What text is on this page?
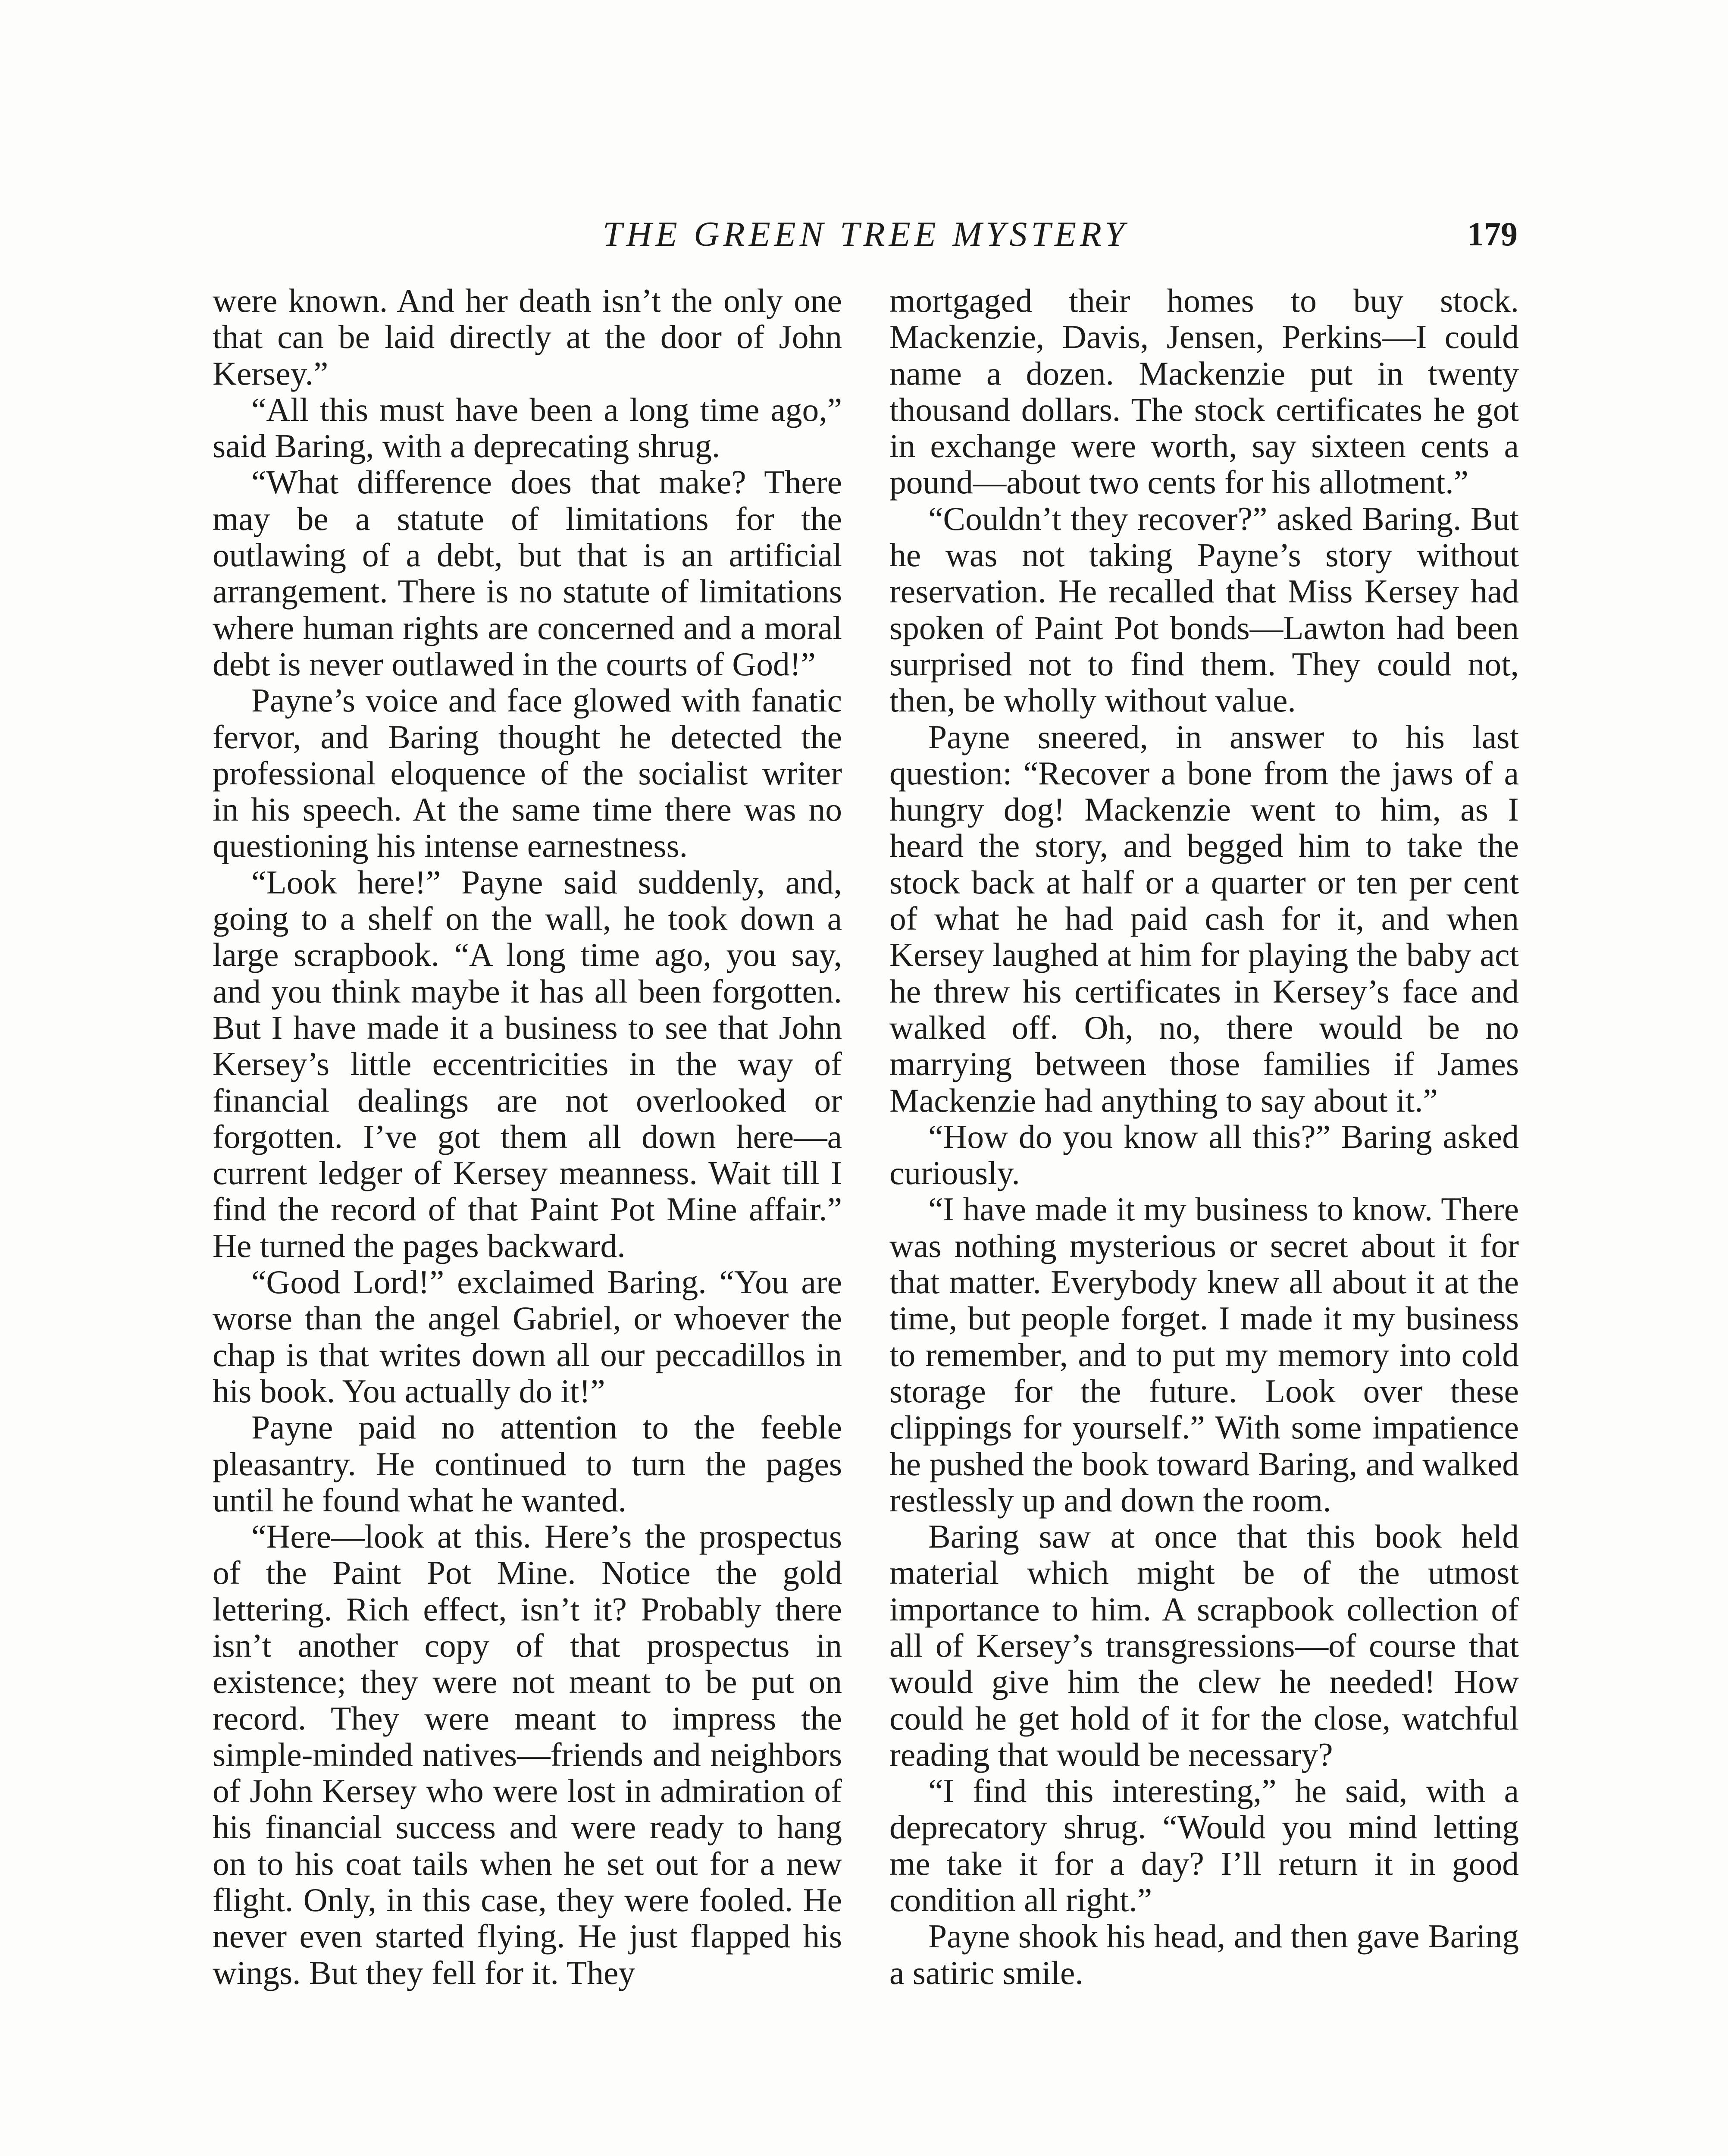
THE GREEN TREE MYSTERY	179

were known. And her death isn’t the only one that can be laid directly at the door of John Kersey.”

“All this must have been a long time ago,” said Baring, with a deprecating shrug.

“What difference does that make? There may be a statute of limitations for the outlawing of a debt, but that is an artificial arrangement. There is no statute of limitations where human rights are concerned and a moral debt is never outlawed in the courts of God!”

Payne’s voice and face glowed with fanatic fervor, and Baring thought he detected the professional eloquence of the socialist writer in his speech. At the same time there was no questioning his intense earnestness.

“Look here!” Payne said suddenly, and, going to a shelf on the wall, he took down a large scrapbook. “A long time ago, you say, and you think maybe it has all been forgotten. But I have made it a business to see that John Kersey’s little eccentricities in the way of financial dealings are not overlooked or forgotten. I’ve got them all down here—a current ledger of Kersey meanness. Wait till I find the record of that Paint Pot Mine affair.” He turned the pages backward.

“Good Lord!” exclaimed Baring. “You are worse than the angel Gabriel, or whoever the chap is that writes down all our peccadillos in his book. You actually do it!”

Payne paid no attention to the feeble pleasantry. He continued to turn the pages until he found what he wanted.

“Here—look at this. Here’s the prospectus of the Paint Pot Mine. Notice the gold lettering. Rich effect, isn’t it? Probably there isn’t another copy of that prospectus in existence; they were not meant to be put on record. They were meant to impress the simple-minded natives—friends and neighbors of John Kersey who were lost in admiration of his financial success and were ready to hang on to his coat tails when he set out for a new flight. Only, in this case, they were fooled. He never even started flying. He just flapped his wings. But they fell for it. They

mortgaged their homes to buy stock. Mackenzie, Davis, Jensen, Perkins—I could name a dozen. Mackenzie put in twenty thousand dollars. The stock certificates he got in exchange were worth, say sixteen cents a pound—about two cents for his allotment.”

“Couldn’t they recover?” asked Baring. But he was not taking Payne’s story without reservation. He recalled that Miss Kersey had spoken of Paint Pot bonds—Lawton had been surprised not to find them. They could not, then, be wholly without value.

Payne sneered, in answer to his last question: “Recover a bone from the jaws of a hungry dog! Mackenzie went to him, as I heard the story, and begged him to take the stock back at half or a quarter or ten per cent of what he had paid cash for it, and when Kersey laughed at him for playing the baby act he threw his certificates in Kersey’s face and walked off. Oh, no, there would be no marrying between those families if James Mackenzie had anything to say about it.”

“How do you know all this?” Baring asked curiously.

“I have made it my business to know. There was nothing mysterious or secret about it for that matter. Everybody knew all about it at the time, but people forget. I made it my business to remember, and to put my memory into cold storage for the future. Look over these clippings for yourself.” With some impatience he pushed the book toward Baring, and walked restlessly up and down the room.

Baring saw at once that this book held material which might be of the utmost importance to him. A scrapbook collection of all of Kersey’s transgressions—of course that would give him the clew he needed! How could he get hold of it for the close, watchful reading that would be necessary?

“I find this interesting,” he said, with a deprecatory shrug. “Would you mind letting me take it for a day? I’ll return it in good condition all right.”

Payne shook his head, and then gave Baring a satiric smile.
